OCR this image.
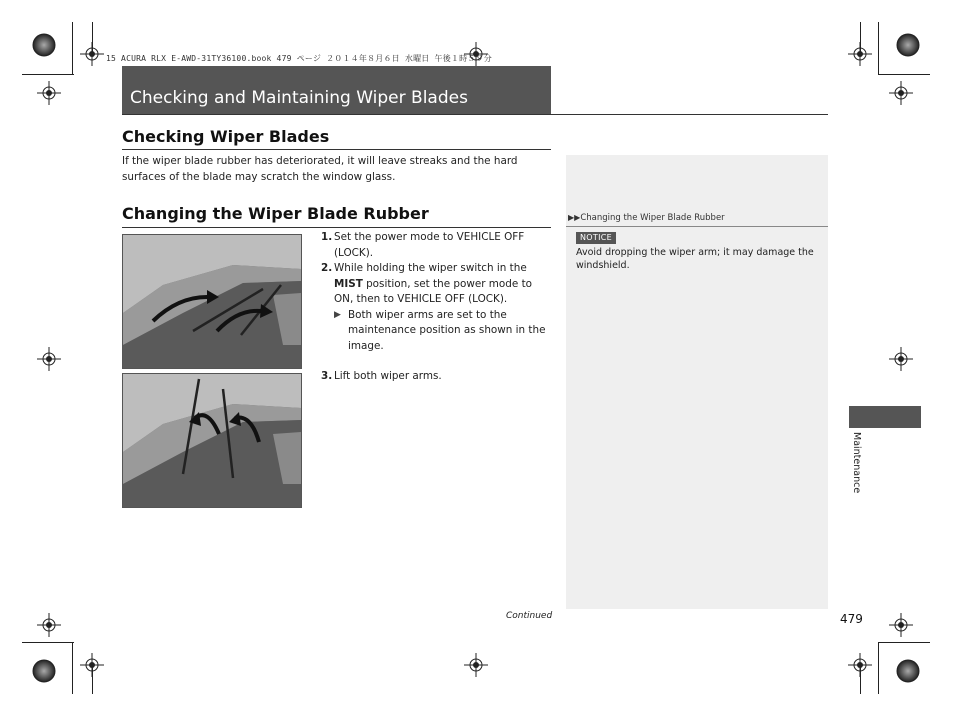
15 ACURA RLX E-AWD-31TY36100.book 479 ページ ２０１４年８月６日 水曜日 午後１時５９分
Checking and Maintaining Wiper Blades
Checking Wiper Blades
If the wiper blade rubber has deteriorated, it will leave streaks and the hard surfaces of the blade may scratch the window glass.
Changing the Wiper Blade Rubber
1. Set the power mode to VEHICLE OFF (LOCK).
2. While holding the wiper switch in the MIST position, set the power mode to ON, then to VEHICLE OFF (LOCK).
▶ Both wiper arms are set to the maintenance position as shown in the image.
3. Lift both wiper arms.
▶▶Changing the Wiper Blade Rubber
NOTICE
Avoid dropping the wiper arm; it may damage the windshield.
Maintenance
Continued	479
